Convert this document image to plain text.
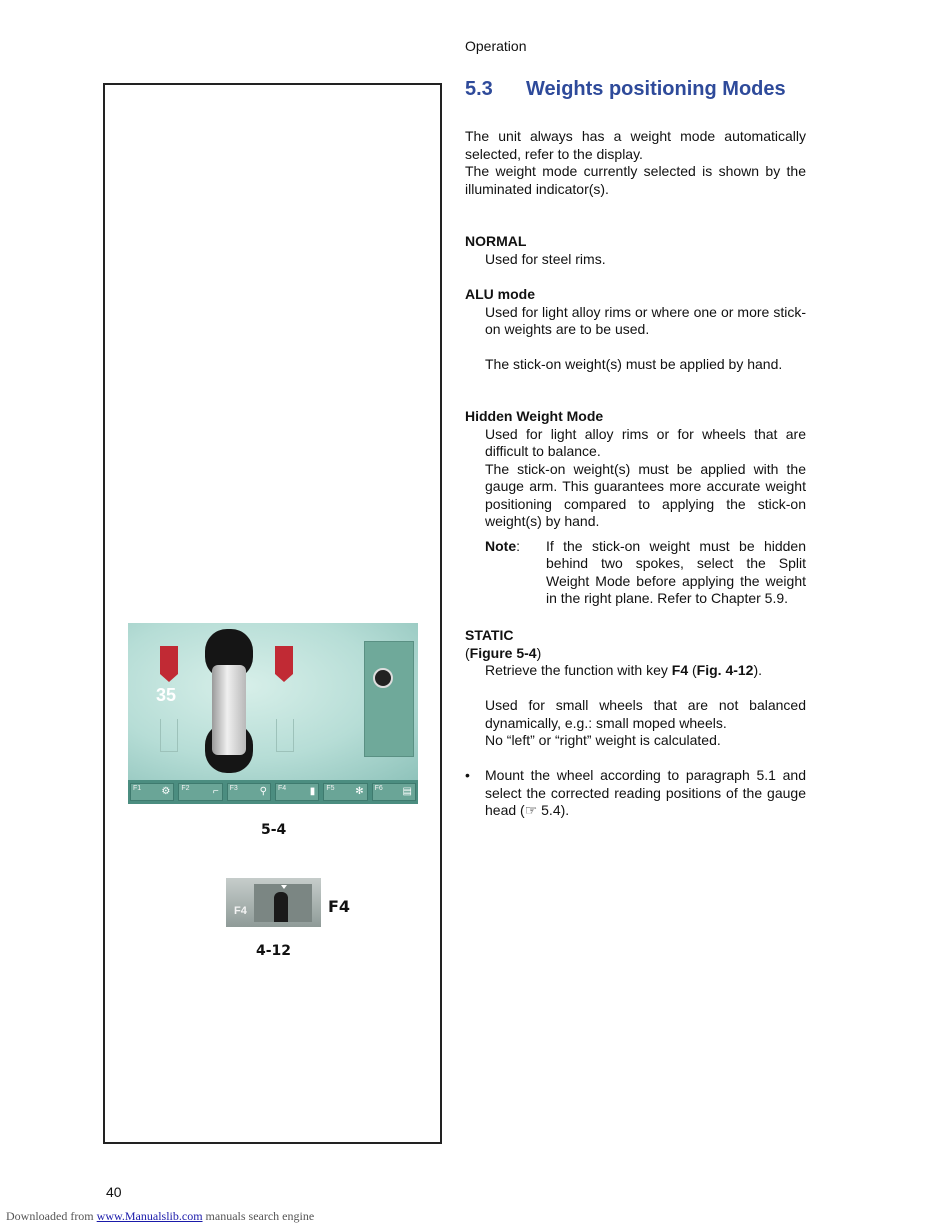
Operation
35
F1 ⚙	F2 ⌐	F3 ⚲	F4 ▮	F5 ✻	F6 ▤
5-4
F4	F4
4-12
5.3 Weights positioning Modes

The unit always has a weight mode automatically selected, refer to the display.

The weight mode currently selected is shown by the illuminated indicator(s).

NORMAL

Used for steel rims.

ALU mode

Used for light alloy rims or where one or more stick-on weights are to be used.

The stick-on weight(s) must be applied by hand.

Hidden Weight Mode

Used for light alloy rims or for wheels that are difficult to balance.

The stick-on weight(s) must be applied with the gauge arm. This guarantees more accurate weight positioning compared to applying the stick-on weight(s) by hand.

Note:	If the stick-on weight must be hidden behind two spokes, select the Split Weight Mode before applying the weight in the right plane. Refer to Chapter 5.9.

STATIC

(Figure 5-4)

Retrieve the function with key F4 (Fig. 4-12).

Used for small wheels that are not balanced dynamically, e.g.: small moped wheels.

No “left” or “right” weight is calculated.

•	Mount the wheel according to paragraph 5.1 and select the corrected reading positions of the gauge head (☞ 5.4).
40
Downloaded from www.Manualslib.com manuals search engine
